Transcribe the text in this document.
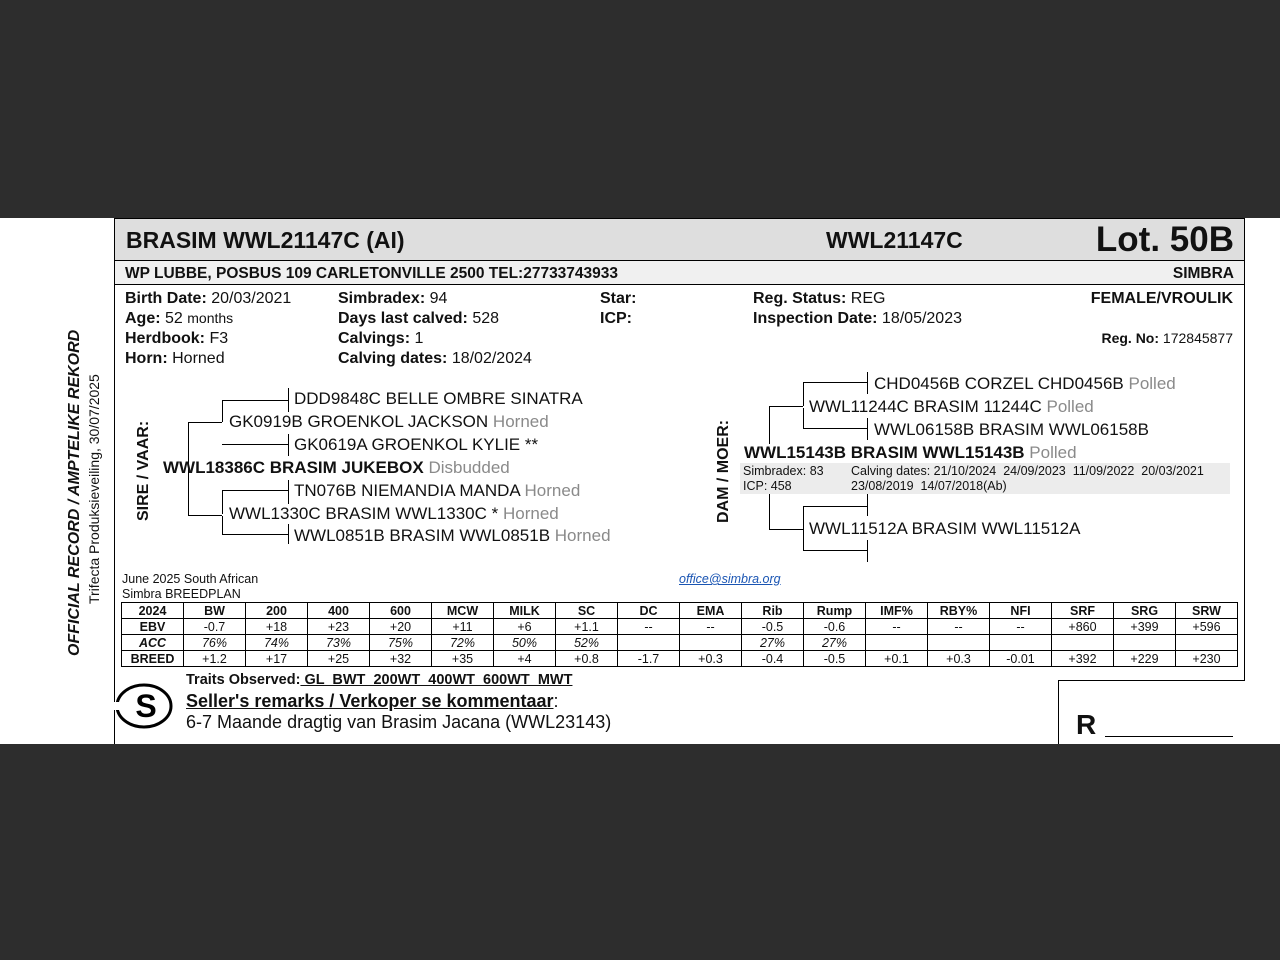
OFFICIAL RECORD / AMPTELIKE REKORD Trifecta Produksieveiling, 30/07/2025
BRASIM WWL21147C (AI)	WWL21147C	Lot. 50B
WP LUBBE, POSBUS 109 CARLETONVILLE 2500 TEL:27733743933	SIMBRA
Birth Date: 20/03/2021
Age: 52 months
Herdbook: F3
Horn: Horned
Simbradex: 94
Days last calved: 528
Calvings: 1
Calving dates: 18/02/2024
Star:
ICP:
Reg. Status: REG
Inspection Date: 18/05/2023
FEMALE/VROULIK
Reg. No: 172845877
SIRE / VAAR:
DDD9848C BELLE OMBRE SINATRA
GK0919B GROENKOL JACKSON Horned
GK0619A GROENKOL KYLIE **
WWL18386C BRASIM JUKEBOX Disbudded
TN076B NIEMANDIA MANDA Horned
WWL1330C BRASIM WWL1330C * Horned
WWL0851B BRASIM WWL0851B Horned
DAM / MOER:
CHD0456B CORZEL CHD0456B Polled
WWL11244C BRASIM 11244C Polled
WWL06158B BRASIM WWL06158B
WWL15143B BRASIM WWL15143B Polled
Simbradex: 83
ICP: 458
Calving dates: 21/10/2024  24/09/2023  11/09/2022  20/03/2021
23/08/2019  14/07/2018(Ab)
WWL11512A BRASIM WWL11512A
June 2025 South African
Simbra BREEDPLAN
office@simbra.org
2024	BW	200	400	600	MCW	MILK	SC	DC	EMA	Rib	Rump	IMF%	RBY%	NFI	SRF	SRG	SRW
EBV	-0.7	+18	+23	+20	+11	+6	+1.1	--	--	-0.5	-0.6	--	--	--	+860	+399	+596
ACC	76%	74%	73%	75%	72%	50%	52%			27%	27%						
BREED	+1.2	+17	+25	+32	+35	+4	+0.8	-1.7	+0.3	-0.4	-0.5	+0.1	+0.3	-0.01	+392	+229	+230
S
Traits Observed: GL  BWT  200WT  400WT  600WT  MWT
Seller's remarks / Verkoper se kommentaar:
6-7 Maande dragtig van Brasim Jacana (WWL23143)	R
